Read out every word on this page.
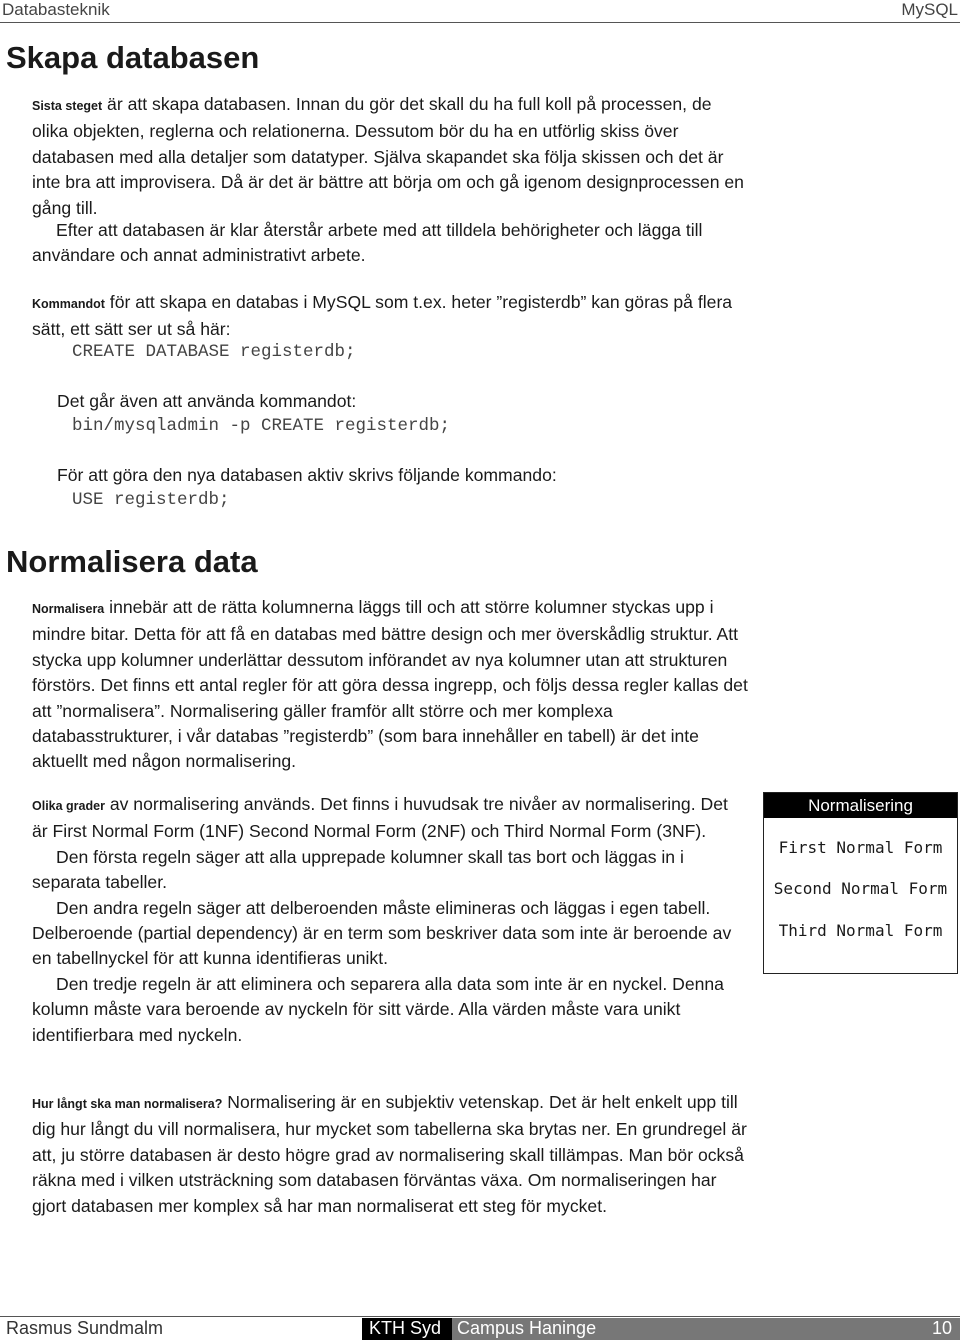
Databasteknik	MySQL
Skapa databasen

Sista steget är att skapa databasen. Innan du gör det skall du ha full koll på processen, de olika objekten, reglerna och relationerna. Dessutom bör du ha en utförlig skiss över databasen med alla detaljer som datatyper. Själva skapandet ska följa skissen och det är inte bra att improvisera. Då är det är bättre att börja om och gå igenom designprocessen en gång till.

Efter att databasen är klar återstår arbete med att tilldela behörigheter och lägga till användare och annat administrativt arbete.

Kommandot för att skapa en databas i MySQL som t.ex. heter ”registerdb” kan göras på flera sätt, ett sätt ser ut så här:

CREATE DATABASE registerdb;

Det går även att använda kommandot:

bin/mysqladmin -p CREATE registerdb;

För att göra den nya databasen aktiv skrivs följande kommando:

USE registerdb;

Normalisera data

Normalisera innebär att de rätta kolumnerna läggs till och att större kolumner styckas upp i mindre bitar. Detta för att få en databas med bättre design och mer överskådlig struktur. Att stycka upp kolumner underlättar dessutom införandet av nya kolumner utan att strukturen förstörs. Det finns ett antal regler för att göra dessa ingrepp, och följs dessa regler kallas det att ”normalisera”. Normalisering gäller framför allt större och mer komplexa databasstrukturer, i vår databas ”registerdb” (som bara innehåller en tabell) är det inte aktuellt med någon normalisering.

Olika grader av normalisering används. Det finns i huvudsak tre nivåer av normalisering. Det är First Normal Form (1NF) Second Normal Form (2NF) och Third Normal Form (3NF).
Den första regeln säger att alla upprepade kolumner skall tas bort och läggas in i separata tabeller.
Den andra regeln säger att delberoenden måste elimineras och läggas i egen tabell. Delberoende (partial dependency) är en term som beskriver data som inte är beroende av en tabellnyckel för att kunna identifieras unikt.
Den tredje regeln är att eliminera och separera alla data som inte är en nyckel. Denna kolumn måste vara beroende av nyckeln för sitt värde. Alla värden måste vara unikt identifierbara med nyckeln.

Hur långt ska man normalisera? Normalisering är en subjektiv vetenskap. Det är helt enkelt upp till dig hur långt du vill normalisera, hur mycket som tabellerna ska brytas ner. En grundregel är att, ju större databasen är desto högre grad av normalisering skall tillämpas. Man bör också räkna med i vilken utsträckning som databasen förväntas växa. Om normaliseringen har gjort databasen mer komplex så har man normaliserat ett steg för mycket.

Normalisering
First Normal Form
Second Normal Form
Third Normal Form
Rasmus Sundmalm	KTH Syd Campus Haninge	10
